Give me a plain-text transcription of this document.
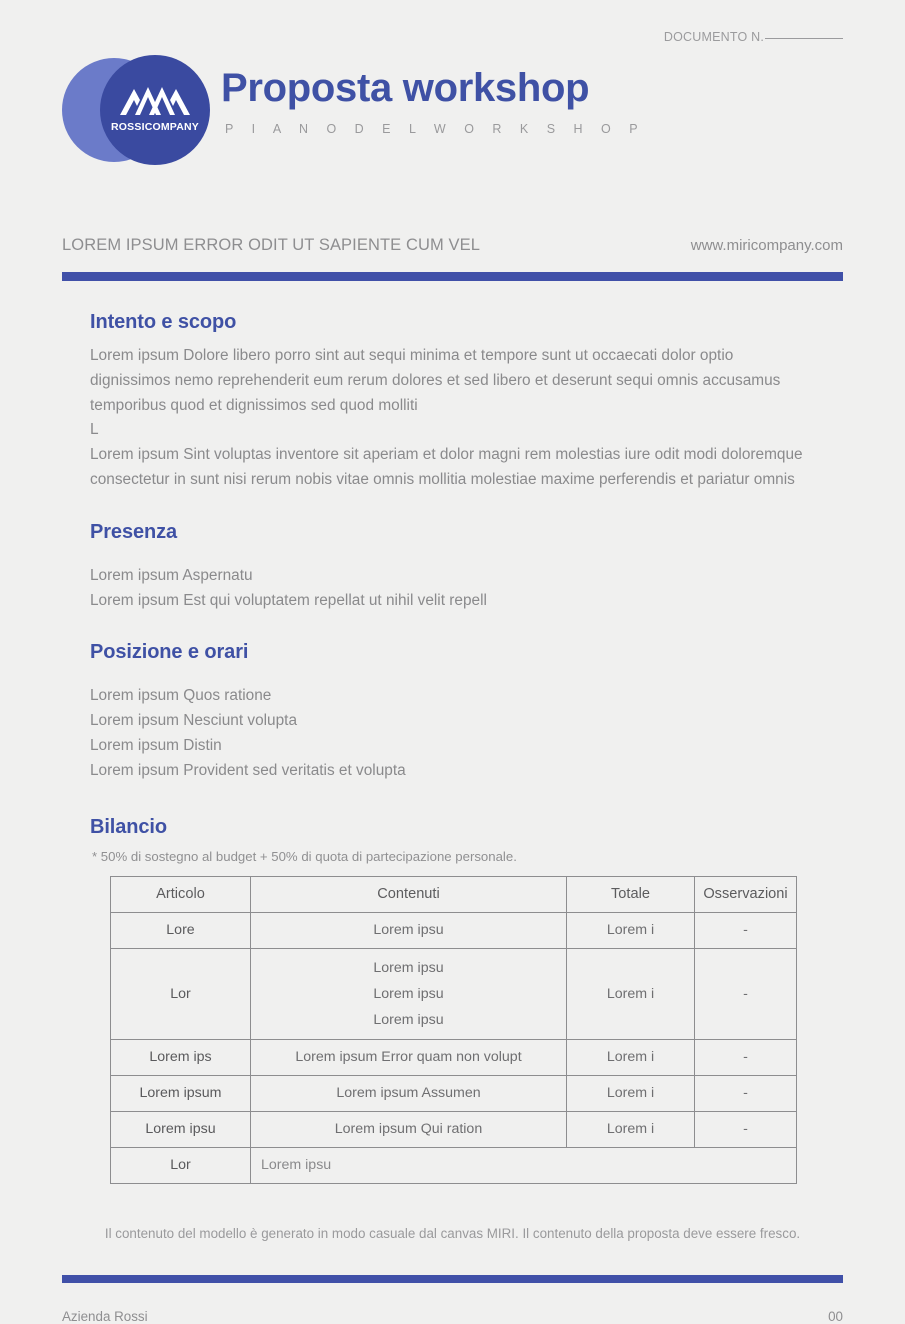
ROSSICOMPANY
Proposta workshop
P I A N O D E L W O R K S H O P
DOCUMENTO N.
LOREM IPSUM ERROR ODIT UT SAPIENTE CUM VEL	www.miricompany.com
Intento e scopo

Lorem ipsum Dolore libero porro sint aut sequi minima et tempore sunt ut occaecati dolor optio dignissimos nemo reprehenderit eum rerum dolores et sed libero et deserunt sequi omnis accusamus temporibus quod et dignissimos sed quod molliti

L

Lorem ipsum Sint voluptas inventore sit aperiam et dolor magni rem molestias iure odit modi doloremque consectetur in sunt nisi rerum nobis vitae omnis mollitia molestiae maxime perferendis et pariatur omnis

Presenza
Lorem ipsum Aspernatu
Lorem ipsum Est qui voluptatem repellat ut nihil velit repell
Posizione e orari
Lorem ipsum Quos ratione
Lorem ipsum Nesciunt volupta
Lorem ipsum Distin
Lorem ipsum Provident sed veritatis et volupta
Bilancio
* 50% di sostegno al budget + 50% di quota di partecipazione personale.
Articolo	Contenuti	Totale	Osservazioni
Lore	Lorem ipsu	Lorem i	-
Lor	Lorem ipsu
Lorem ipsu
Lorem ipsu	Lorem i	-
Lorem ips	Lorem ipsum Error quam non volupt	Lorem i	-
Lorem ipsum	Lorem ipsum Assumen	Lorem i	-
Lorem ipsu	Lorem ipsum Qui ration	Lorem i	-
Lor	Lorem ipsu		
Il contenuto del modello è generato in modo casuale dal canvas MIRI. Il contenuto della proposta deve essere fresco.
Azienda Rossi	00
